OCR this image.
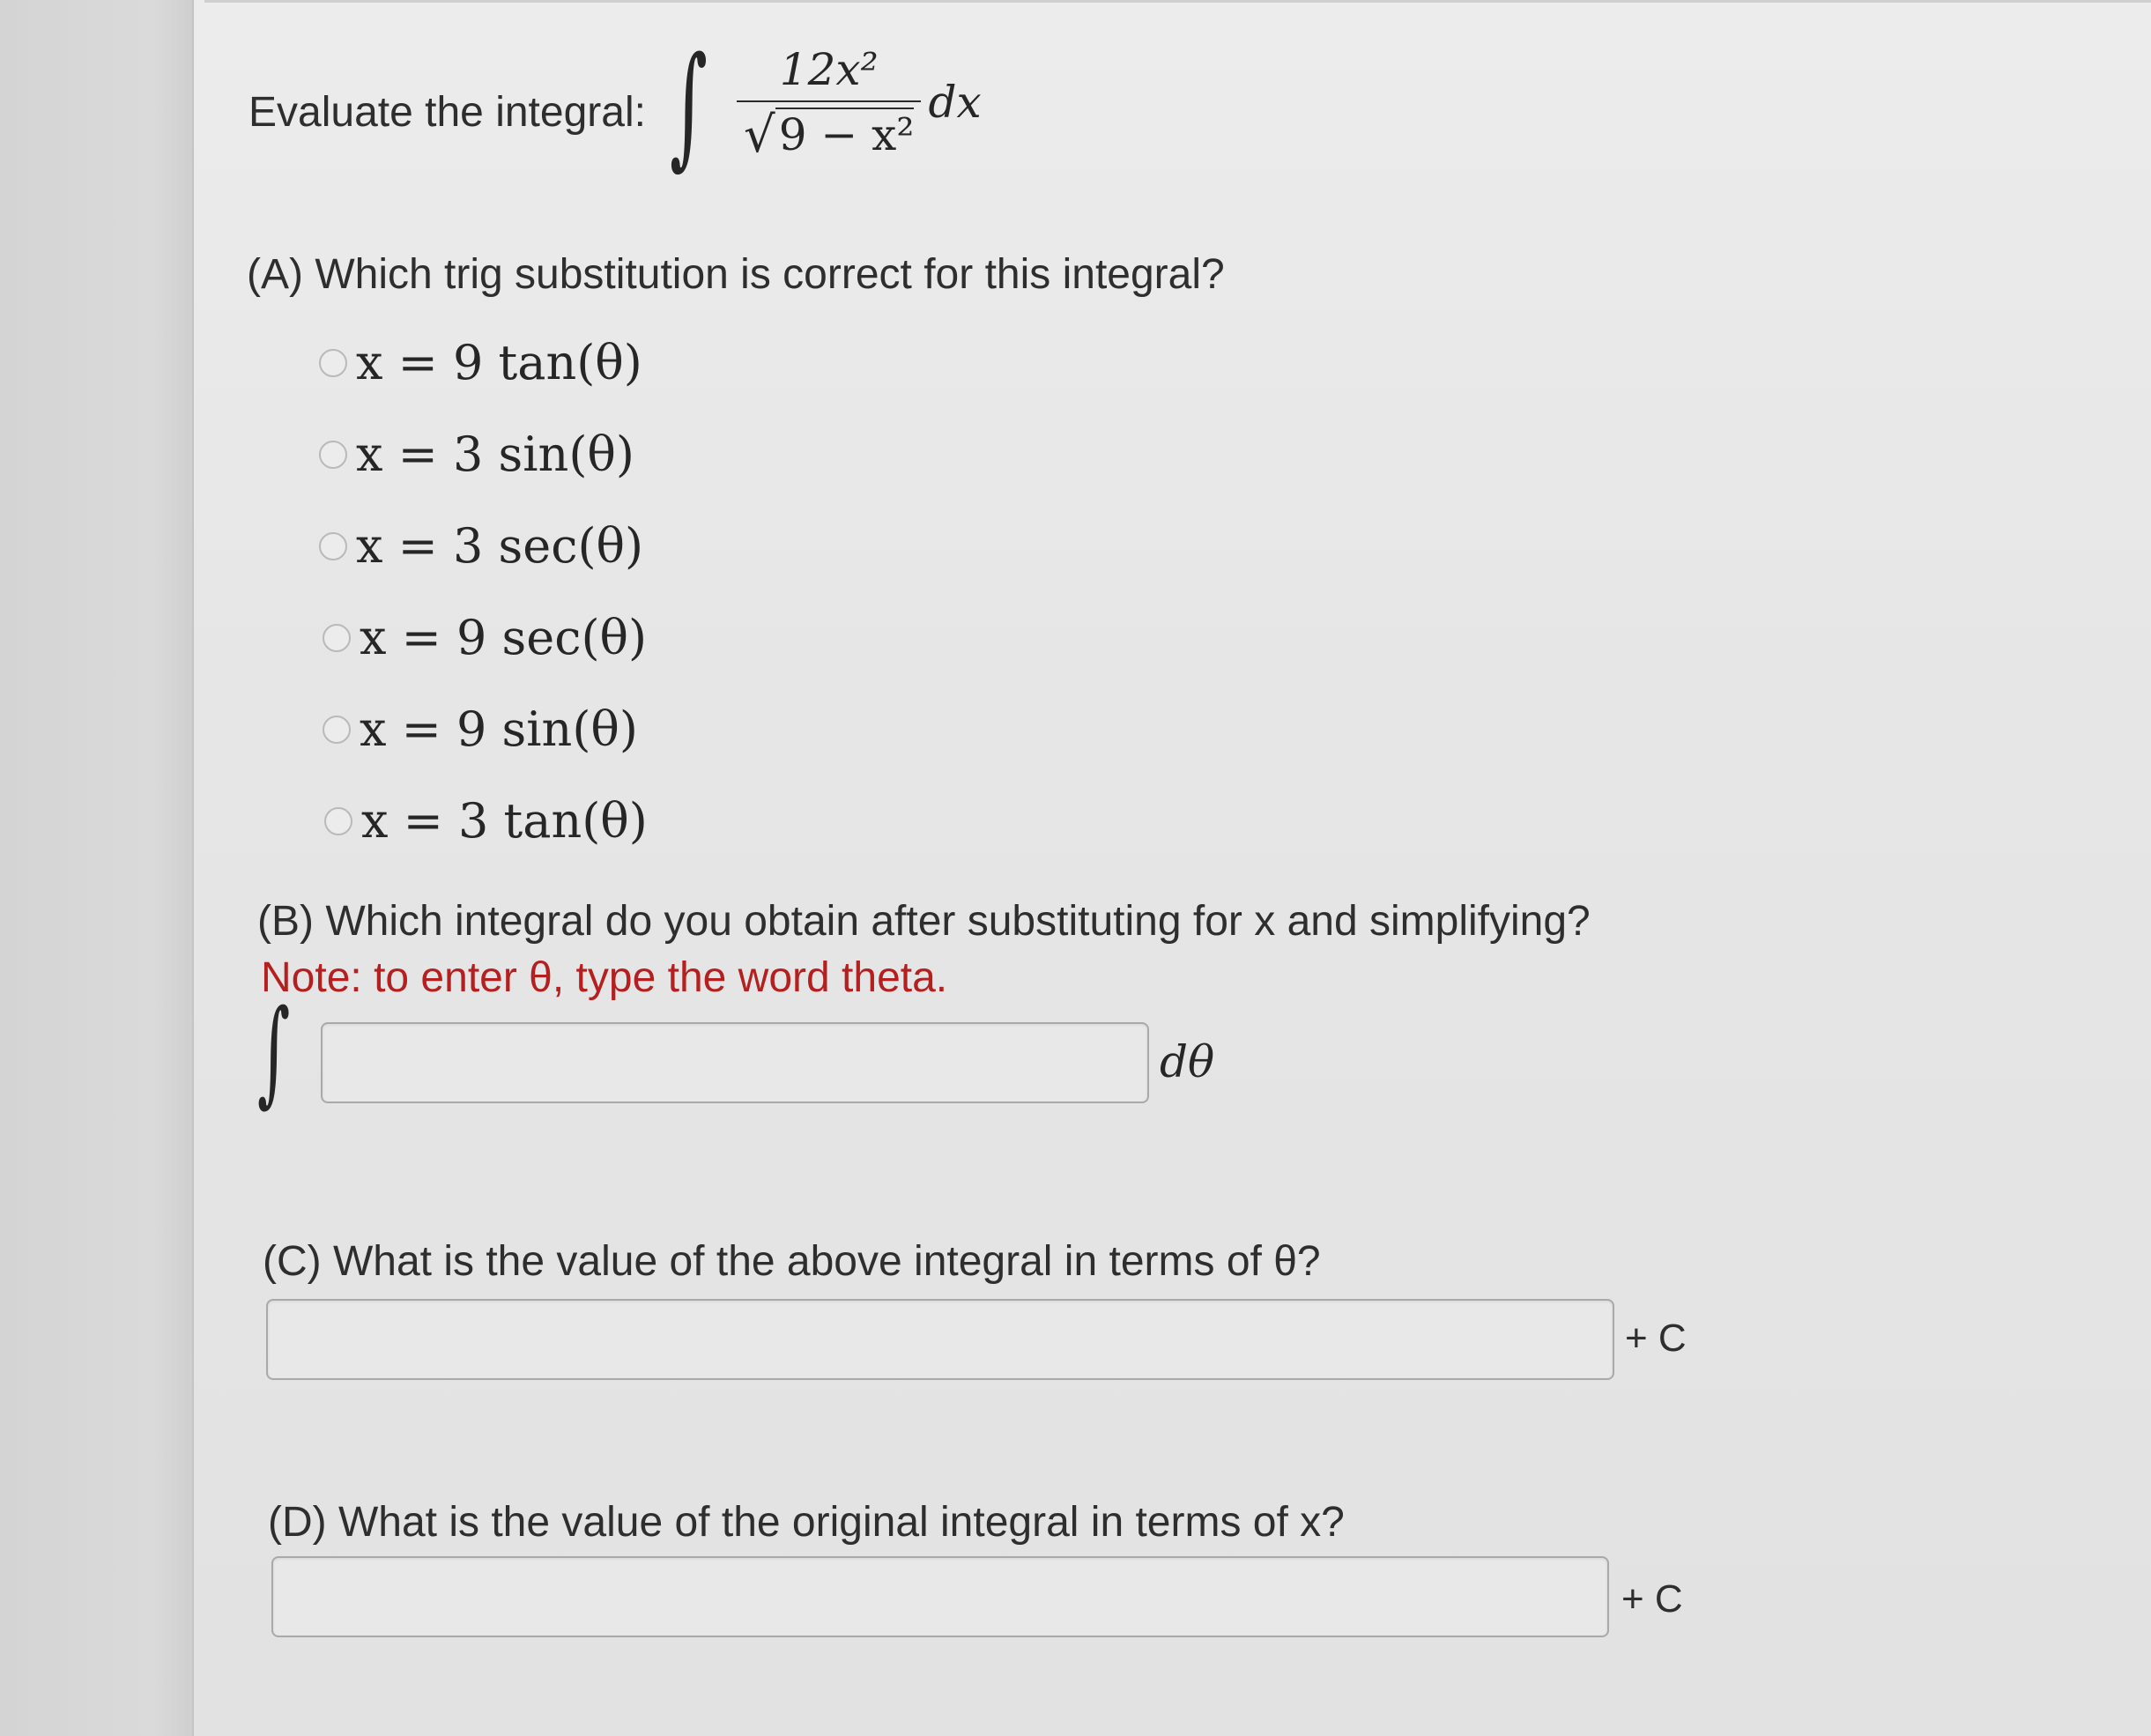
Evaluate the integral: ∫ $\frac{\text{12x²}}{\text{√ 9 − x²}}$ dx
(A) Which trig substitution is correct for this integral?
x = 9 tan(θ)
x = 3 sin(θ)
x = 3 sec(θ)
x = 9 sec(θ)
x = 9 sin(θ)
x = 3 tan(θ)
(B) Which integral do you obtain after substituting for x and simplifying?
Note: to enter θ, type the word theta.
∫	dθ
(C) What is the value of the above integral in terms of θ?
+ C
(D) What is the value of the original integral in terms of x?
+ C
